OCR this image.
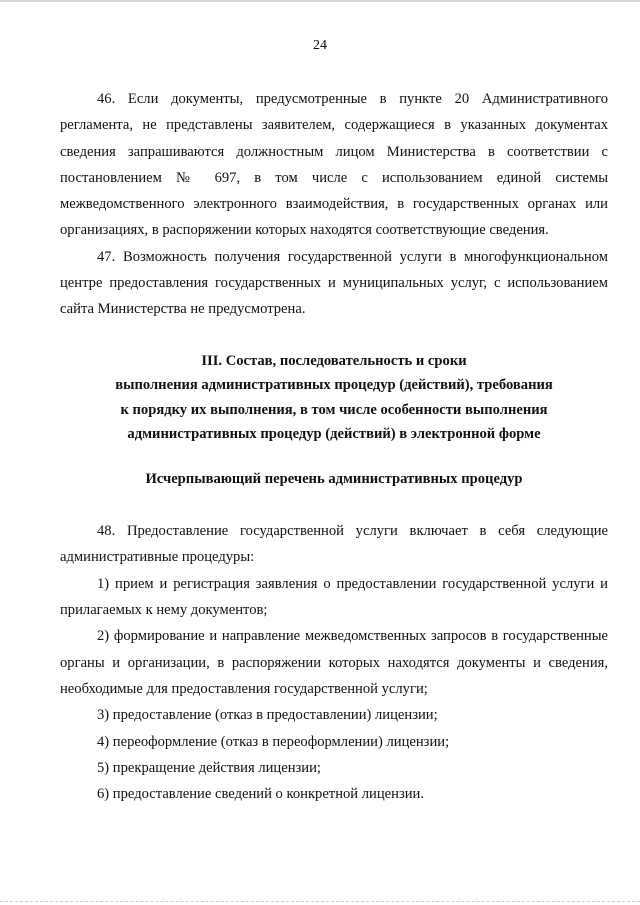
24

46. Если документы, предусмотренные в пункте 20 Административного регламента, не представлены заявителем, содержащиеся в указанных документах сведения запрашиваются должностным лицом Министерства в соответствии с постановлением № 697, в том числе с использованием единой системы межведомственного электронного взаимодействия, в государственных органах или организациях, в распоряжении которых находятся соответствующие сведения.

47. Возможность получения государственной услуги в многофункциональном центре предоставления государственных и муниципальных услуг, с использованием сайта Министерства не предусмотрена.

III. Состав, последовательность и сроки

выполнения административных процедур (действий), требования

к порядку их выполнения, в том числе особенности выполнения

административных процедур (действий) в электронной форме

Исчерпывающий перечень административных процедур

48. Предоставление государственной услуги включает в себя следующие административные процедуры:

1) прием и регистрация заявления о предоставлении государственной услуги и прилагаемых к нему документов;

2) формирование и направление межведомственных запросов в государственные органы и организации, в распоряжении которых находятся документы и сведения, необходимые для предоставления государственной услуги;

3) предоставление (отказ в предоставлении) лицензии;

4) переоформление (отказ в переоформлении) лицензии;

5) прекращение действия лицензии;

6) предоставление сведений о конкретной лицензии.
